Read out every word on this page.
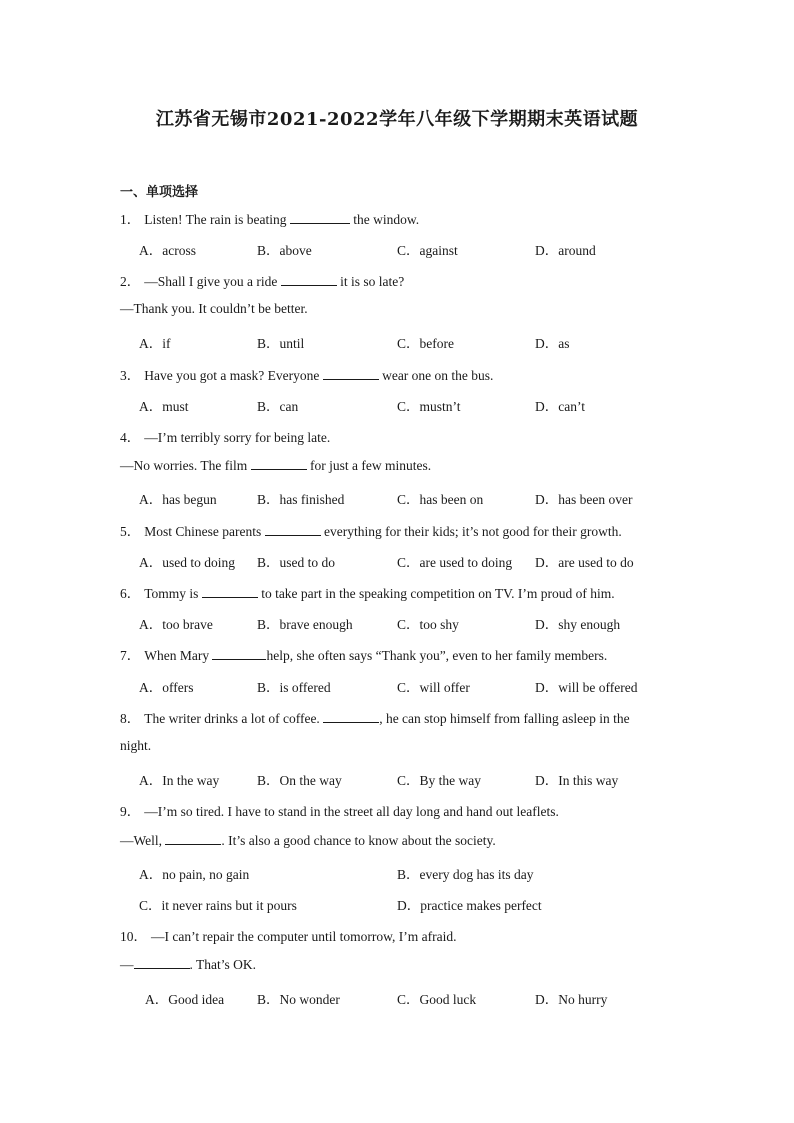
江苏省无锡市2021-2022学年八年级下学期期末英语试题
一、单项选择
1． Listen! The rain is beating	the window.
A．across	B．above	C．against	D．around
2． —Shall I give you a ride	it is so late?
—Thank you. It couldn’t be better.
A．if	B．until	C．before	D．as
3． Have you got a mask? Everyone	wear one on the bus.
A．must	B．can	C．mustn’t	D．can’t
4． —I’m terribly sorry for being late.
—No worries. The film	for just a few minutes.
A．has begun	B．has finished	C．has been on	D．has been over
5． Most Chinese parents	everything for their kids; it’s not good for their growth.
A．used to doing B．used to do	C．are used to doing D．are used to do
6． Tommy is	to take part in the speaking competition on TV. I’m proud of him.
A．too brave	B．brave enough	C．too shy	D．shy enough
7． When Mary	help, she often says “Thank you”, even to her family members.
A．offers	B．is offered	C．will offer	D．will be offered
8． The writer drinks a lot of coffee.	, he can stop himself from falling asleep in the
night.
A．In the way	B．On the way	C．By the way	D．In this way
9． —I’m so tired. I have to stand in the street all day long and hand out leaflets.
—Well,	. It’s also a good chance to know about the society.
A．no pain, no gain	B．every dog has its day
C．it never rains but it pours	D．practice makes perfect
10． —I can’t repair the computer until tomorrow, I’m afraid.
—	. That’s OK.
A．Good idea B．No wonder	C．Good luck	D．No hurry
